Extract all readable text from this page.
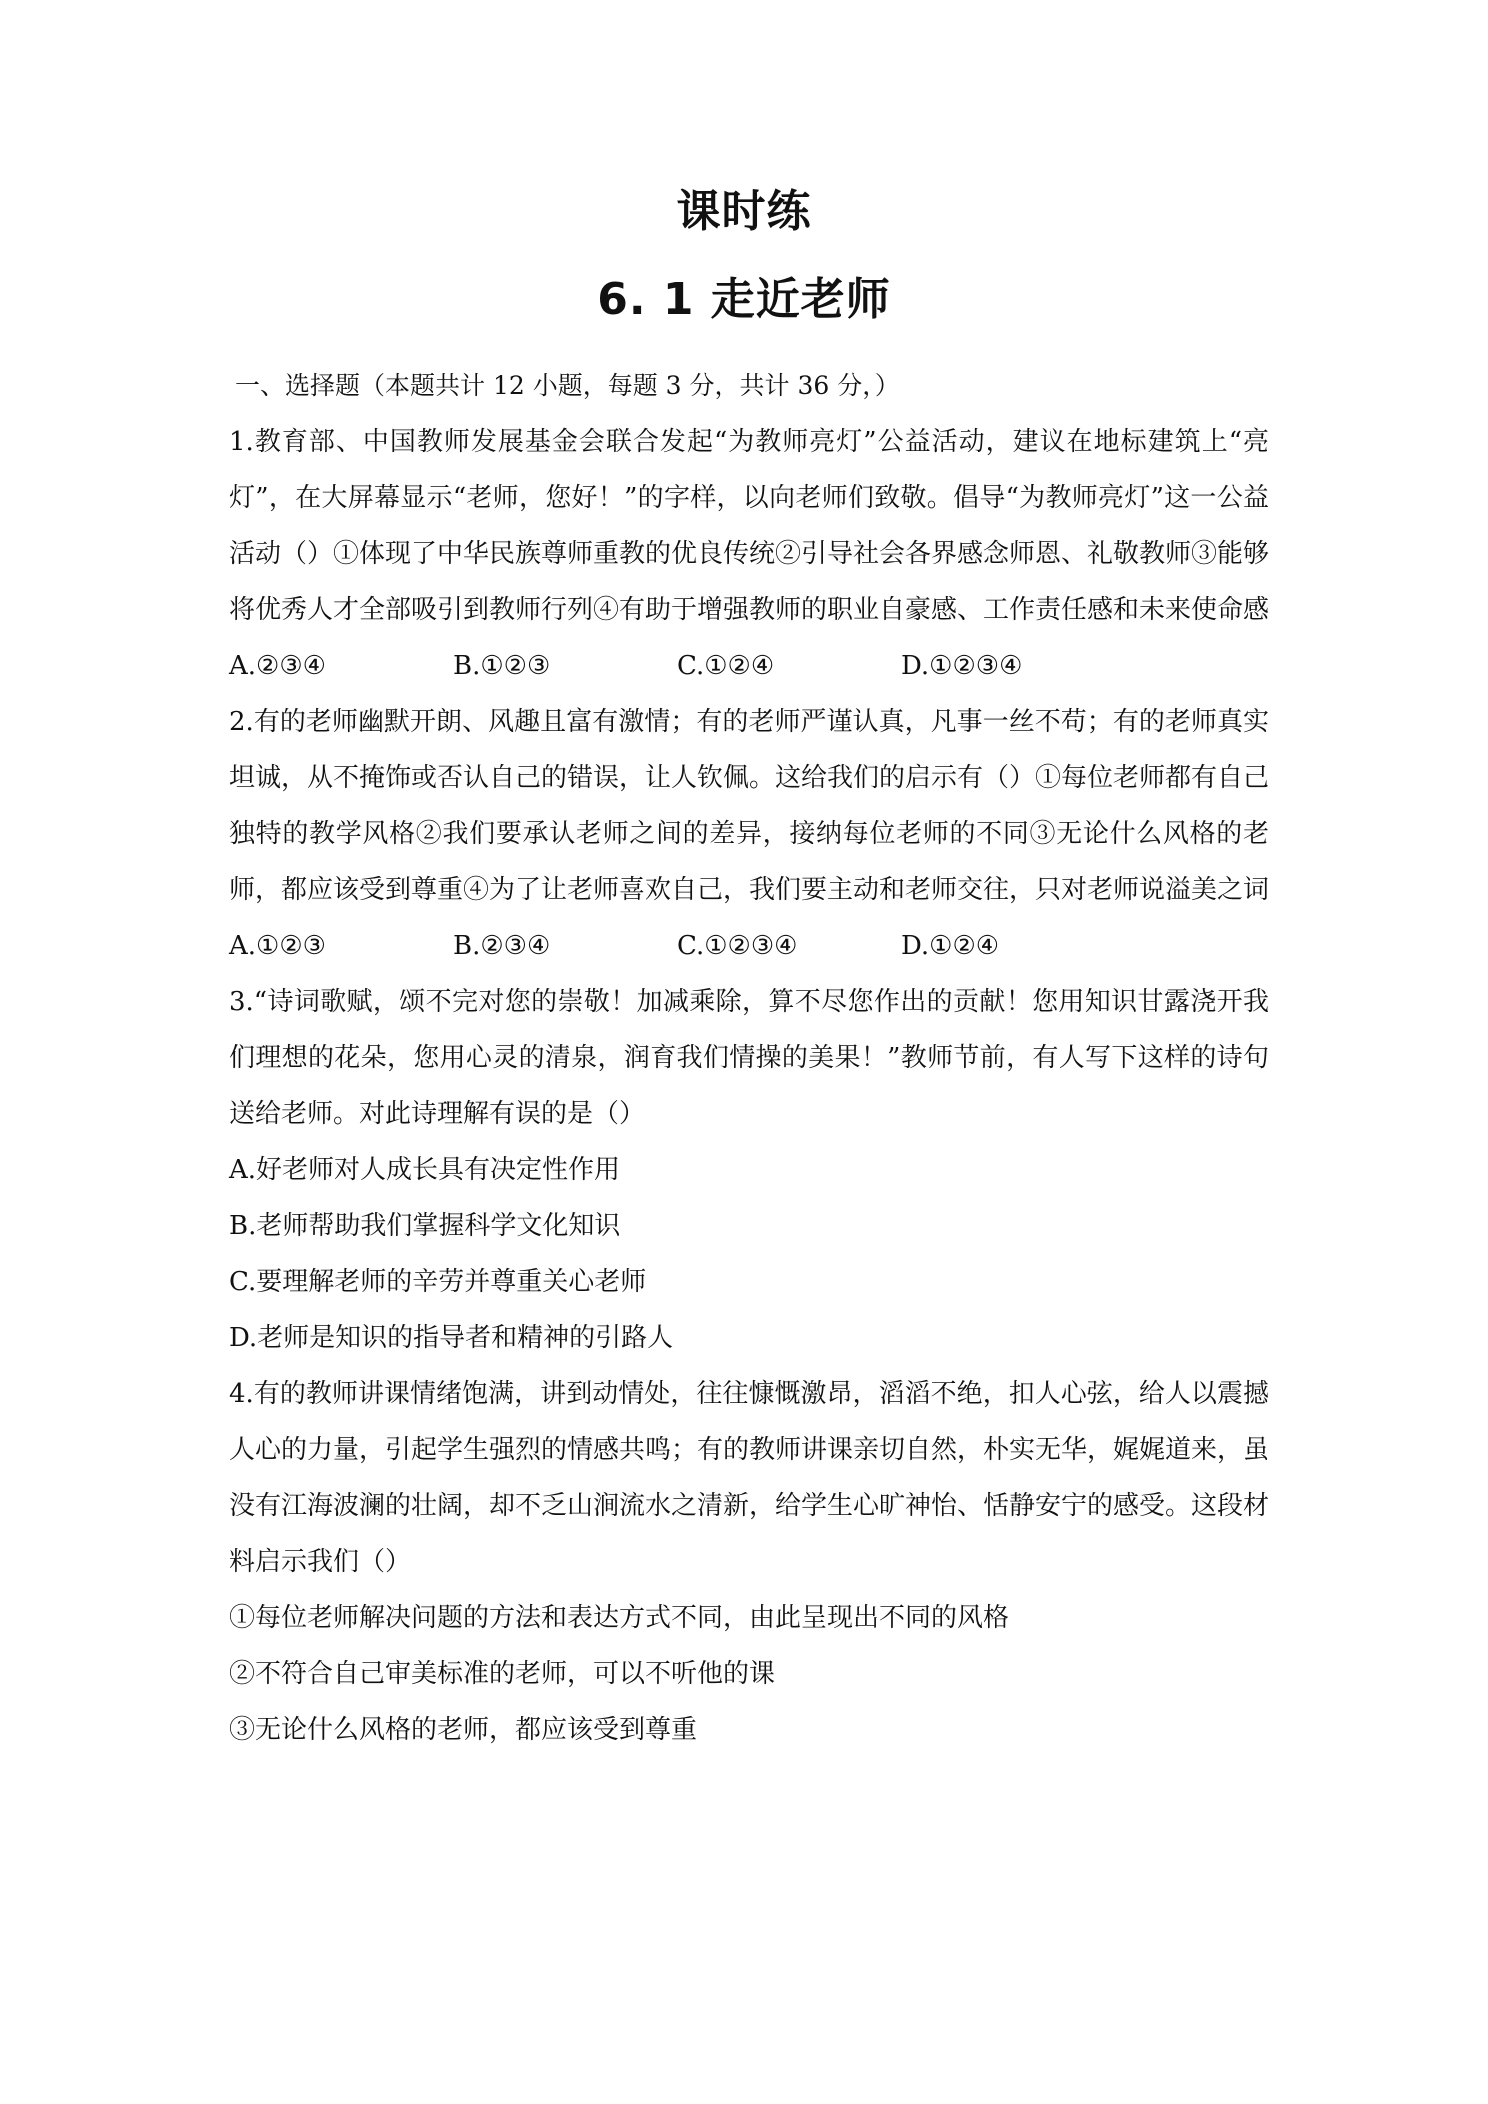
课时练
6. 1 走近老师
一、选择题（本题共计 12 小题，每题 3 分，共计 36 分，）

1.教育部、中国教师发展基金会联合发起“为教师亮灯”公益活动，建议在地标建筑上“亮灯”，在大屏幕显示“老师，您好！”的字样，以向老师们致敬。倡导“为教师亮灯”这一公益活动（）①体现了中华民族尊师重教的优良传统②引导社会各界感念师恩、礼敬教师③能够将优秀人才全部吸引到教师行列④有助于增强教师的职业自豪感、工作责任感和未来使命感

A.②③④	B.①②③	C.①②④	D.①②③④

2.有的老师幽默开朗、风趣且富有激情；有的老师严谨认真，凡事一丝不苟；有的老师真实坦诚，从不掩饰或否认自己的错误，让人钦佩。这给我们的启示有（）①每位老师都有自己独特的教学风格②我们要承认老师之间的差异，接纳每位老师的不同③无论什么风格的老师，都应该受到尊重④为了让老师喜欢自己，我们要主动和老师交往，只对老师说溢美之词

A.①②③	B.②③④	C.①②③④	D.①②④

3.“诗词歌赋，颂不完对您的崇敬！加减乘除，算不尽您作出的贡献！您用知识甘露浇开我们理想的花朵，您用心灵的清泉，润育我们情操的美果！”教师节前，有人写下这样的诗句送给老师。对此诗理解有误的是（）

A.好老师对人成长具有决定性作用
B.老师帮助我们掌握科学文化知识
C.要理解老师的辛劳并尊重关心老师
D.老师是知识的指导者和精神的引路人

4.有的教师讲课情绪饱满，讲到动情处，往往慷慨激昂，滔滔不绝，扣人心弦，给人以震撼人心的力量，引起学生强烈的情感共鸣；有的教师讲课亲切自然，朴实无华，娓娓道来，虽没有江海波澜的壮阔，却不乏山涧流水之清新，给学生心旷神怡、恬静安宁的感受。这段材料启示我们（）

①每位老师解决问题的方法和表达方式不同，由此呈现出不同的风格
②不符合自己审美标准的老师，可以不听他的课
③无论什么风格的老师，都应该受到尊重
